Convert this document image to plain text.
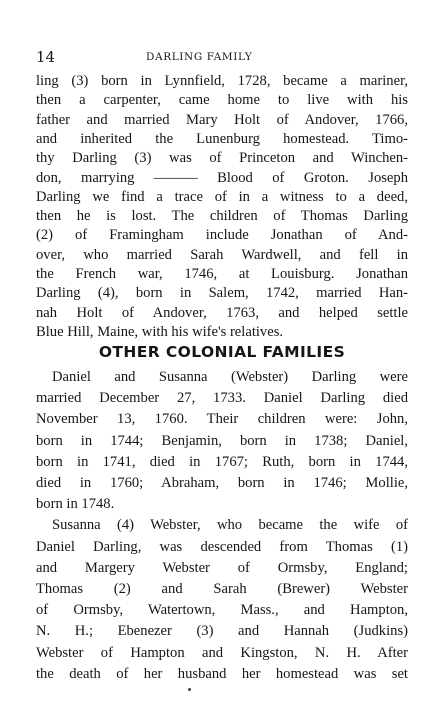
14	DARLING FAMILY
OTHER COLONIAL FAMILIES
Daniel and Susanna (Webster) Darling were
married December 27, 1733. Daniel Darling died
November 13, 1760. Their children were: John,
born in 1744; Benjamin, born in 1738; Daniel,
born in 1741, died in 1767; Ruth, born in 1744,
died in 1760; Abraham, born in 1746; Mollie,
born in 1748.
Susanna (4) Webster, who became the wife of
Daniel Darling, was descended from Thomas (1)
and Margery Webster of Ormsby, England;
Thomas (2) and Sarah (Brewer) Webster
of Ormsby, Watertown, Mass., and Hampton,
N. H.; Ebenezer (3) and Hannah (Judkins)
Webster of Hampton and Kingston, N. H. After
the death of her husband her homestead was set
ling (3) born in Lynnfield, 1728, became a mariner,
then a carpenter, came home to live with his
father and married Mary Holt of Andover, 1766,
and inherited the Lunenburg homestead. Timo-
thy Darling (3) was of Princeton and Winchen-
don, marrying ——— Blood of Groton. Joseph
Darling we find a trace of in a witness to a deed,
then he is lost. The children of Thomas Darling
(2) of Framingham include Jonathan of And-
over, who married Sarah Wardwell, and fell in
the French war, 1746, at Louisburg. Jonathan
Darling (4), born in Salem, 1742, married Han-
nah Holt of Andover, 1763, and helped settle
Blue Hill, Maine, with his wife's relatives.
